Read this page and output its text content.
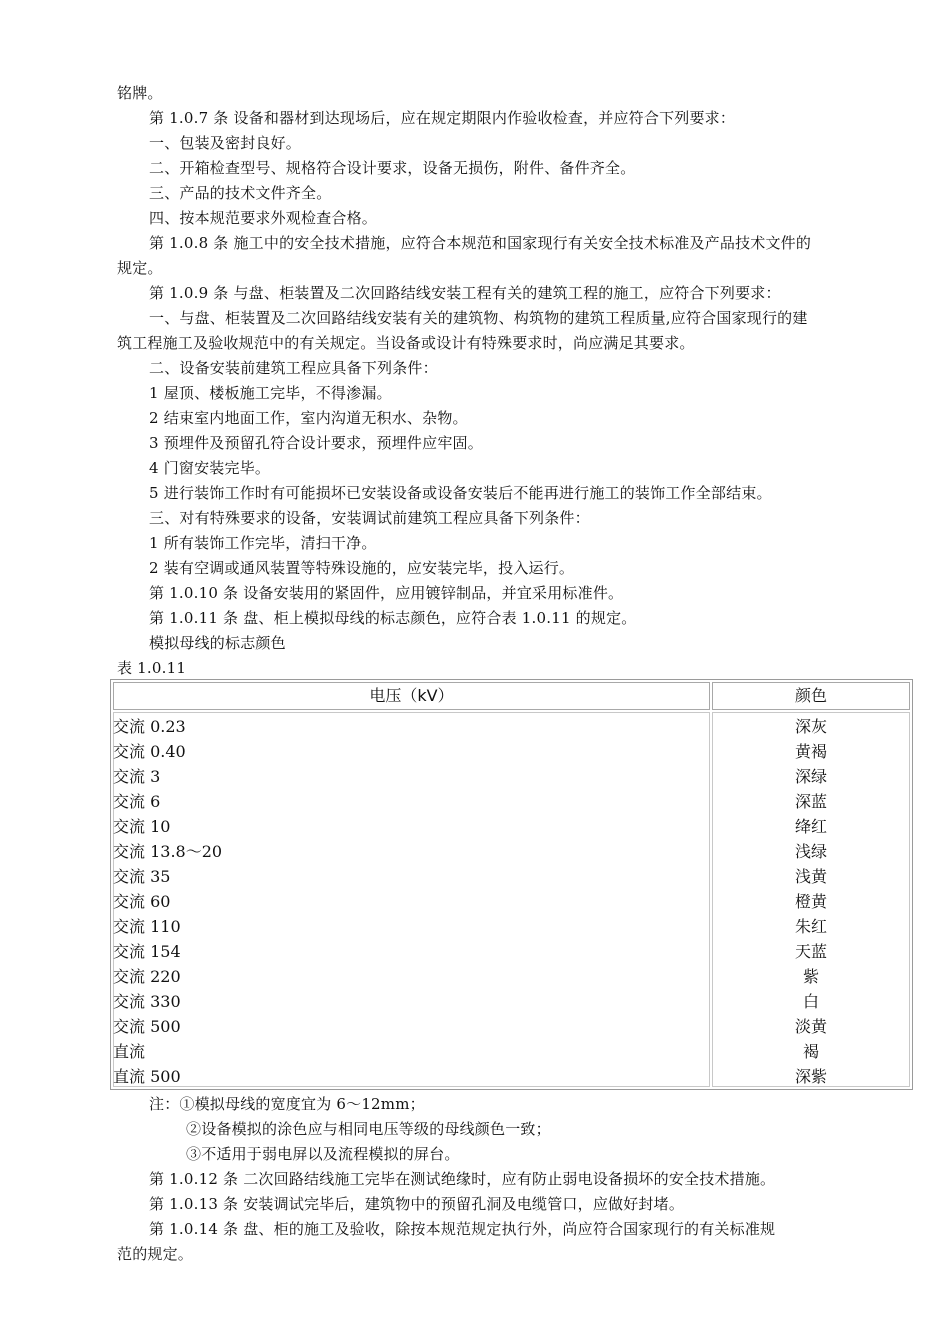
铭牌。
第 1.0.7 条 设备和器材到达现场后，应在规定期限内作验收检查，并应符合下列要求：
一、包装及密封良好。
二、开箱检查型号、规格符合设计要求，设备无损伤，附件、备件齐全。
三、产品的技术文件齐全。
四、按本规范要求外观检查合格。
第 1.0.8 条 施工中的安全技术措施，应符合本规范和国家现行有关安全技术标准及产品技术文件的
规定。
第 1.0.9 条 与盘、柜装置及二次回路结线安装工程有关的建筑工程的施工，应符合下列要求：
一、与盘、柜装置及二次回路结线安装有关的建筑物、构筑物的建筑工程质量,应符合国家现行的建
筑工程施工及验收规范中的有关规定。当设备或设计有特殊要求时，尚应满足其要求。
二、设备安装前建筑工程应具备下列条件：
1 屋顶、楼板施工完毕，不得渗漏。
2 结束室内地面工作，室内沟道无积水、杂物。
3 预埋件及预留孔符合设计要求，预埋件应牢固。
4 门窗安装完毕。
5 进行装饰工作时有可能损坏已安装设备或设备安装后不能再进行施工的装饰工作全部结束。
三、对有特殊要求的设备，安装调试前建筑工程应具备下列条件：
1 所有装饰工作完毕，清扫干净。
2 装有空调或通风装置等特殊设施的，应安装完毕，投入运行。
第 1.0.10 条 设备安装用的紧固件，应用镀锌制品，并宜采用标准件。
第 1.0.11 条 盘、柜上模拟母线的标志颜色，应符合表 1.0.11 的规定。
模拟母线的标志颜色
表 1.0.11
电压（kV）	颜色
交流 0.23	深灰
交流 0.40	黄褐
交流 3	深绿
交流 6	深蓝
交流 10	绛红
交流 13.8～20	浅绿
交流 35	浅黄
交流 60	橙黄
交流 110	朱红
交流 154	天蓝
交流 220	紫
交流 330	白
交流 500	淡黄
直流	褐
直流 500	深紫
注：①模拟母线的宽度宜为 6～12mm；
②设备模拟的涂色应与相同电压等级的母线颜色一致；
③不适用于弱电屏以及流程模拟的屏台。
第 1.0.12 条 二次回路结线施工完毕在测试绝缘时，应有防止弱电设备损坏的安全技术措施。
第 1.0.13 条 安装调试完毕后，建筑物中的预留孔洞及电缆管口，应做好封堵。
第 1.0.14 条 盘、柜的施工及验收，除按本规范规定执行外，尚应符合国家现行的有关标准规
范的规定。
